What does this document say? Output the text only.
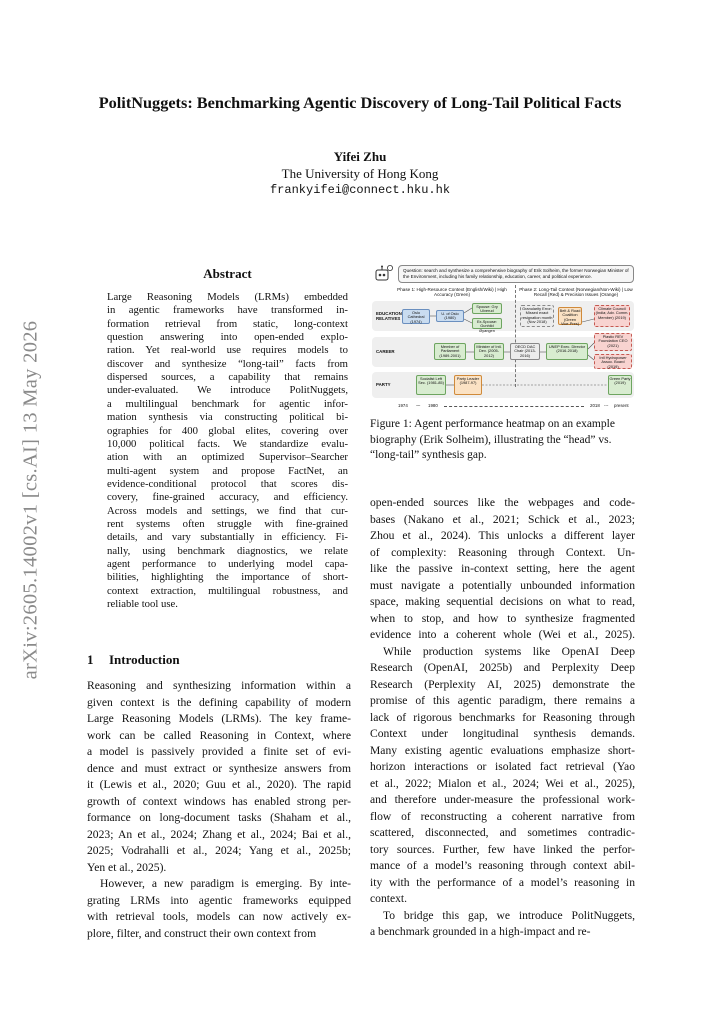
arXiv:2605.14002v1 [cs.AI] 13 May 2026
PolitNuggets: Benchmarking Agentic Discovery of Long-Tail Political Facts
Yifei Zhu
The University of Hong Kong
frankyifei@connect.hku.hk
Abstract
Large Reasoning Models (LRMs) embedded
in agentic frameworks have transformed in-
formation retrieval from static, long-context
question answering into open-ended explo-
ration. Yet real-world use requires models to
discover and synthesize “long-tail” facts from
dispersed sources, a capability that remains
under-evaluated. We introduce PolitNuggets,
a multilingual benchmark for agentic infor-
mation synthesis via constructing political bi-
ographies for 400 global elites, covering over
10,000 political facts. We standardize evalu-
ation with an optimized Supervisor–Searcher
multi-agent system and propose FactNet, an
evidence-conditional protocol that scores dis-
covery, fine-grained accuracy, and efficiency.
Across models and settings, we find that cur-
rent systems often struggle with fine-grained
details, and vary substantially in efficiency. Fi-
nally, using benchmark diagnostics, we relate
agent performance to underlying model capa-
bilities, highlighting the importance of short-
context extraction, multilingual robustness, and
reliable tool use.
1 Introduction
Reasoning and synthesizing information within a
given context is the defining capability of modern
Large Reasoning Models (LRMs). The key frame-
work can be called Reasoning in Context, where
a model is passively provided a finite set of evi-
dence and must extract or synthesize answers from
it (Lewis et al., 2020; Guu et al., 2020). The rapid
growth of context windows has enabled strong per-
formance on long-document tasks (Shaham et al.,
2023; An et al., 2024; Zhang et al., 2024; Bai et al.,
2025; Vodrahalli et al., 2024; Yang et al., 2025b;
Yen et al., 2025).
However, a new paradigm is emerging. By inte-
grating LRMs into agentic frameworks equipped
with retrieval tools, models can now actively ex-
plore, filter, and construct their own context from
open-ended sources like the webpages and code-
bases (Nakano et al., 2021; Schick et al., 2023;
Zhou et al., 2024). This unlocks a different layer
of complexity: Reasoning through Context. Un-
like the passive in-context setting, here the agent
must navigate a potentially unbounded information
space, making sequential decisions on what to read,
when to stop, and how to synthesize fragmented
evidence into a coherent whole (Wei et al., 2025).
While production systems like OpenAI Deep
Research (OpenAI, 2025b) and Perplexity Deep
Research (Perplexity AI, 2025) demonstrate the
promise of this agentic paradigm, there remains a
lack of rigorous benchmarks for Reasoning through
Context under longitudinal synthesis demands.
Many existing agentic evaluations emphasize short-
horizon interactions or isolated fact retrieval (Yao
et al., 2022; Mialon et al., 2024; Wei et al., 2025),
and therefore under-measure the professional work-
flow of reconstructing a coherent narrative from
scattered, disconnected, and sometimes contradic-
tory sources. Further, few have linked the perfor-
mance of a model’s reasoning through context abil-
ity with the performance of a model’s reasoning in
context.
To bridge this gap, we introduce PolitNuggets,
a benchmark grounded in a high-impact and re-
Question: search and synthesize a comprehensive biography of Erik Solheim, the former Norwegian Minister of the Environment, including his family relationship, education, career, and political experience.
Phase 1: High-Resource Context (English/Wiki) | High Accuracy (Green)
Phase 2: Long-Tail Context (Norwegian/Non-Wiki) | Low Recall (Red) & Precision Issues (Orange)
EDUCATION RELATIVES
CAREER
PARTY
Oslo Cathedral (1974)
U. of Oslo (1980)
Spouse: Gry Ulverud
Ex-Spouse: Gunhild Øyangen
Granularity Error: Missed exact resignation month (Nov 2018)
Belt & Road Coalition (Green Vice-Pres)
Climate Council (India; Adv. Comm. Member) (2019)
Member of Parliament (1989-2001)
Minister of Intl. Dev. (2005-2012)
OECD DAC Chair (2013-2016)
UNEP Exec. Director (2016-2018)
Plastic REV Foundation CEO (2021)
Intl Hydropower Assoc. Board (2019)
Socialist Left Sec. (1981-85)
Party Leader (1987-97)
Green Party (2019)
1974 ---- 1980	2018 --- present
Figure 1: Agent performance heatmap on an example
biography (Erik Solheim), illustrating the “head” vs.
“long-tail” synthesis gap.
